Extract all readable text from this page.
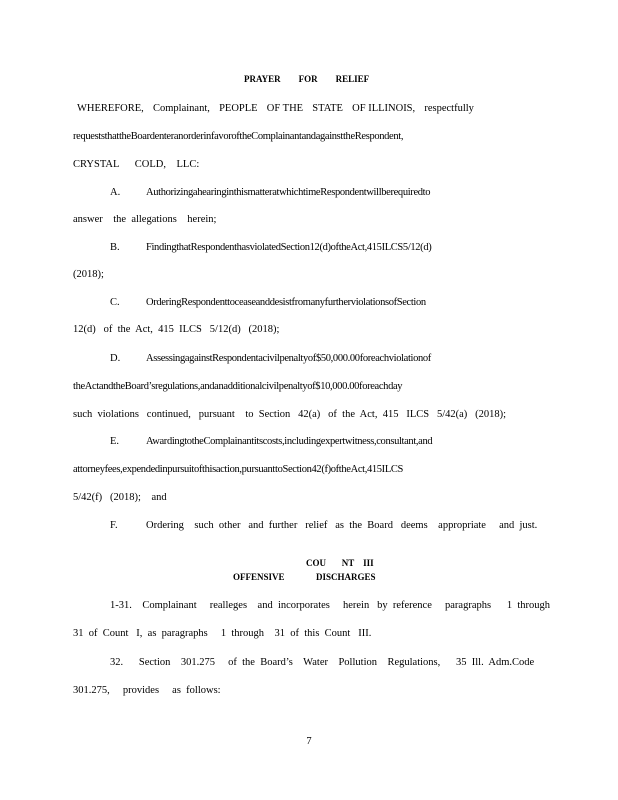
PRAYER        FOR        RELIEF
WHEREFORE, Complainant, PEOPLE OF THE STATE OF ILLINOIS, respectfully
requeststhattheBoardenteranorderinfavoroftheComplainantandagainsttheRespondent,
CRYSTAL      COLD,    LLC:
A. AuthorizingahearinginthismatteratwhichtimeRespondentwillberequiredto
answer    the  allegations    herein;
B.	FindingthatRespondenthasviolatedSection12(d)oftheAct,415ILCS5/12(d)
(2018);
C.	OrderingRespondenttoceaseanddesistfromanyfurtherviolationsofSection
12(d)   of  the  Act,  415  ILCS   5/12(d)   (2018);
D. AssessingagainstRespondentacivilpenaltyof$50,000.00foreachviolationof
theActandtheBoard’sregulations,andanadditionalcivilpenaltyof$10,000.00foreachday
such  violations   continued,   pursuant    to  Section   42(a)   of  the  Act,  415   ILCS   5/42(a)   (2018);
E.	AwardingtotheComplainantitscosts,includingexpertwitness,consultant,and
attorneyfees,expendedinpursuitofthisaction,pursuanttoSection42(f)oftheAct,415ILCS
5/42(f)   (2018);    and
F.	Ordering    such  other   and  further   relief   as  the  Board   deems    appropriate     and  just.
COU       NT    III
OFFENSIVE              DISCHARGES
1-31.    Complainant     realleges    and  incorporates     herein   by  reference     paragraphs      1  through
31  of  Count   I,  as  paragraphs     1  through    31  of  this  Count   III.
32.      Section    301.275     of  the  Board’s    Water    Pollution    Regulations,      35  Ill.  Adm.Code
301.275,     provides     as  follows:
7
